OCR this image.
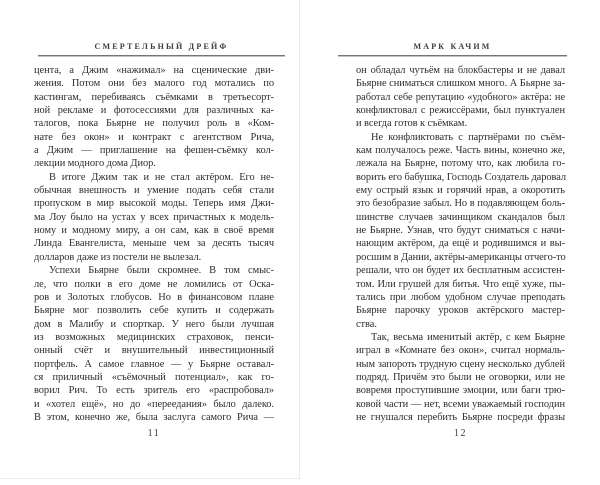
СМЕРТЕЛЬНЫЙ ДРЕЙФ
цента, а Джим «нажимал» на сценические дви-
жения. Потом они без малого год мотались по
кастингам, перебиваясь съёмками в третьесорт-
ной рекламе и фотосессиями для различных ка-
талогов, пока Бьярне не получил роль в «Ком-
нате без окон» и контракт с агентством Рича,
а Джим — приглашение на фешен-съёмку кол-
лекции модного дома Диор.
В итоге Джим так и не стал актёром. Его не-
обычная внешность и умение подать себя стали
пропуском в мир высокой моды. Теперь имя Джи-
ма Лоу было на устах у всех причастных к модель-
ному и модному миру, а он сам, как в своё время
Линда Евангелиста, меньше чем за десять тысяч
долларов даже из постели не вылезал.
Успехи Бьярне были скромнее. В том смыс-
ле, что полки в его доме не ломились от Оска-
ров и Золотых глобусов. Но в финансовом плане
Бьярне мог позволить себе купить и содержать
дом в Малибу и спорткар. У него были лучшая
из возможных медицинских страховок, пенси-
онный счёт и внушительный инвестиционный
портфель. А самое главное — у Бьярне оставал-
ся приличный «съёмочный потенциал», как го-
ворил Рич. То есть зритель его «распробовал»
и «хотел ещё», но до «переедания» было далеко.
В этом, конечно же, была заслуга самого Рича —
11
МАРК КАЧИМ
он обладал чутьём на блокбастеры и не давал
Бьярне сниматься слишком много. А Бьярне за-
работал себе репутацию «удобного» актёра: не
конфликтовал с режиссёрами, был пунктуален
и всегда готов к съёмкам.
Не конфликтовать с партнёрами по съём-
кам получалось реже. Часть вины, конечно же,
лежала на Бьярне, потому что, как любила го-
ворить его бабушка, Господь Создатель даровал
ему острый язык и горячий нрав, а окоротить
это безобразие забыл. Но в подавляющем боль-
шинстве случаев зачинщиком скандалов был
не Бьярне. Узнав, что будут сниматься с начи-
нающим актёром, да ещё и родившимся и вы-
росшим в Дании, актёры-американцы отчего-то
решали, что он будет их бесплатным ассистен-
том. Или грушей для битья. Что ещё хуже, пы-
тались при любом удобном случае преподать
Бьярне парочку уроков актёрского мастер-
ства.
Так, весьма именитый актёр, с кем Бьярне
играл в «Комнате без окон», считал нормаль-
ным запороть трудную сцену несколько дублей
подряд. Причём это были не оговорки, или не
вовремя проступившие эмоции, или баги трю-
ковой части — нет, всеми уважаемый господин
не гнушался перебить Бьярне посреди фразы
12
